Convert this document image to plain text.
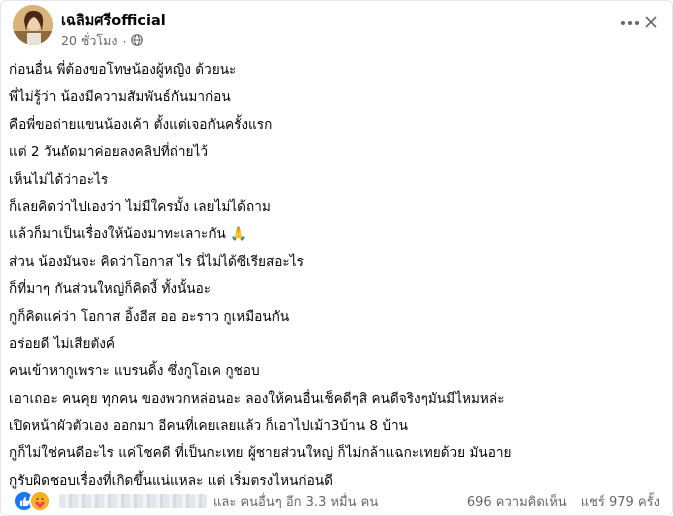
เฉลิมศรีofficial
20 ชั่วโมง ·
ก่อนอื่น พี่ต้องขอโทษน้องผู้หญิง ด้วยนะ
พี่ไม่รู้ว่า น้องมีความสัมพันธ์กันมาก่อน
คือพี่ขอถ่ายแขนน้องเค้า ตั้งแต่เจอกันครั้งแรก
แต่ 2 วันถัดมาค่อยลงคลิปที่ถ่ายไว้
เห็นไม่ได้ว่าอะไร
ก็เลยคิดว่าไปเองว่า ไม่มีใครมั้ง เลยไม่ได้ถาม
แล้วก็มาเป็นเรื่องให้น้องมาทะเลาะกัน 🙏
ส่วน น้องมันจะ คิดว่าโอกาส ไร นี่ไม่ได้ซีเรียสอะไร
ก็ที่มาๆ กันส่วนใหญ่ก็คิดงี้ ทั้งนั้นอะ
กูก็คิดแค่ว่า โอกาส อิ้งอีส ออ อะราว กูเหมือนกัน
อร่อยดี ไม่เสียตังค์
คนเข้าหากูเพราะ แบรนดิ้ง ซึ่งกูโอเค กูชอบ
เอาเถอะ คนคุย ทุกคน ของพวกหล่อนอะ ลองให้คนอื่นเช็คดีๆสิ คนดีจริงๆมันมีไหมหล่ะ
เปิดหน้าผัวตัวเอง ออกมา อีคนที่เคยเลยแล้ว ก็เอาไปเม้า3บ้าน 8 บ้าน
กูก็ไม่ใช่คนดีอะไร แค่โชคดี ที่เป็นกะเทย ผู้ชายส่วนใหญ่ ก็ไม่กล้าแฉกะเทยด้วย มันอาย
กูรับผิดชอบเรื่องที่เกิดขึ้นแน่แหละ แต่ เริ่มตรงไหนก่อนดี
และ คนอื่นๆ อีก 3.3 หมื่น คน	696 ความคิดเห็น แชร์ 979 ครั้ง
